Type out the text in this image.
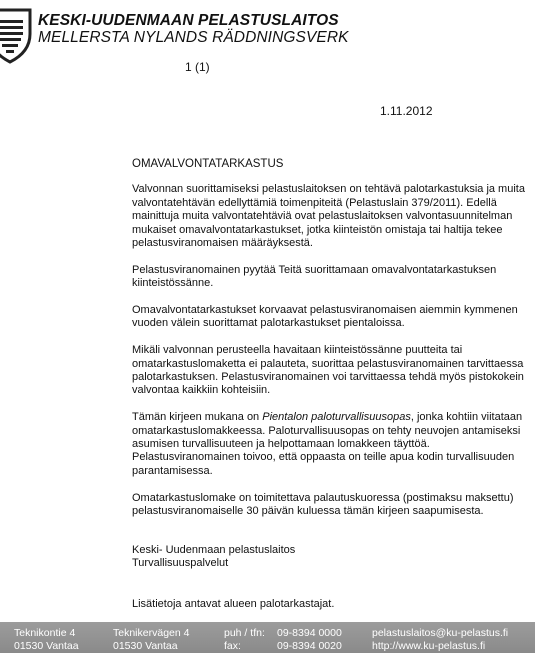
KESKI-UUDENMAAN PELASTUSLAITOS
MELLERSTA NYLANDS RÄDDNINGSVERK
1 (1)
1.11.2012

OMAVALVONTATARKASTUS

Valvonnan suorittamiseksi pelastuslaitoksen on tehtävä palotarkastuksia ja muita valvontatehtävän edellyttämiä toimenpiteitä (Pelastuslain 379/2011). Edellä mainittuja muita valvontatehtäviä ovat pelastuslaitoksen valvontasuunnitelman mukaiset omavalvontatarkastukset, jotka kiinteistön omistaja tai haltija tekee pelastusviranomaisen määräyksestä.

Pelastusviranomainen pyytää Teitä suorittamaan omavalvontatarkastuksen kiinteistössänne.

Omavalvontatarkastukset korvaavat pelastusviranomaisen aiemmin kymmenen vuoden välein suorittamat palotarkastukset pientaloissa.

Mikäli valvonnan perusteella havaitaan kiinteistössänne puutteita tai omatarkastuslomaketta ei palauteta, suorittaa pelastusviranomainen tarvittaessa palotarkastuksen. Pelastusviranomainen voi tarvittaessa tehdä myös pistokokein valvontaa kaikkiin kohteisiin.

Tämän kirjeen mukana on Pientalon paloturvallisuusopas, jonka kohtiin viitataan omatarkastuslomakkeessa. Paloturvallisuusopas on tehty neuvojen antamiseksi asumisen turvallisuuteen ja helpottamaan lomakkeen täyttöä. Pelastusviranomainen toivoo, että oppaasta on teille apua kodin turvallisuuden parantamisessa.

Omatarkastuslomake on toimitettava palautuskuoressa (postimaksu maksettu) pelastusviranomaiselle 30 päivän kuluessa tämän kirjeen saapumisesta.

Keski- Uudenmaan pelastuslaitos
Turvallisuuspalvelut
Lisätietoja antavat alueen palotarkastajat.
Teknikontie 4
01530 Vantaa
Teknikervägen 4
01530 Vantaa
puh / tfn:
fax:
09-8394 0000
09-8394 0020
pelastuslaitos@ku-pelastus.fi
http://www.ku-pelastus.fi
